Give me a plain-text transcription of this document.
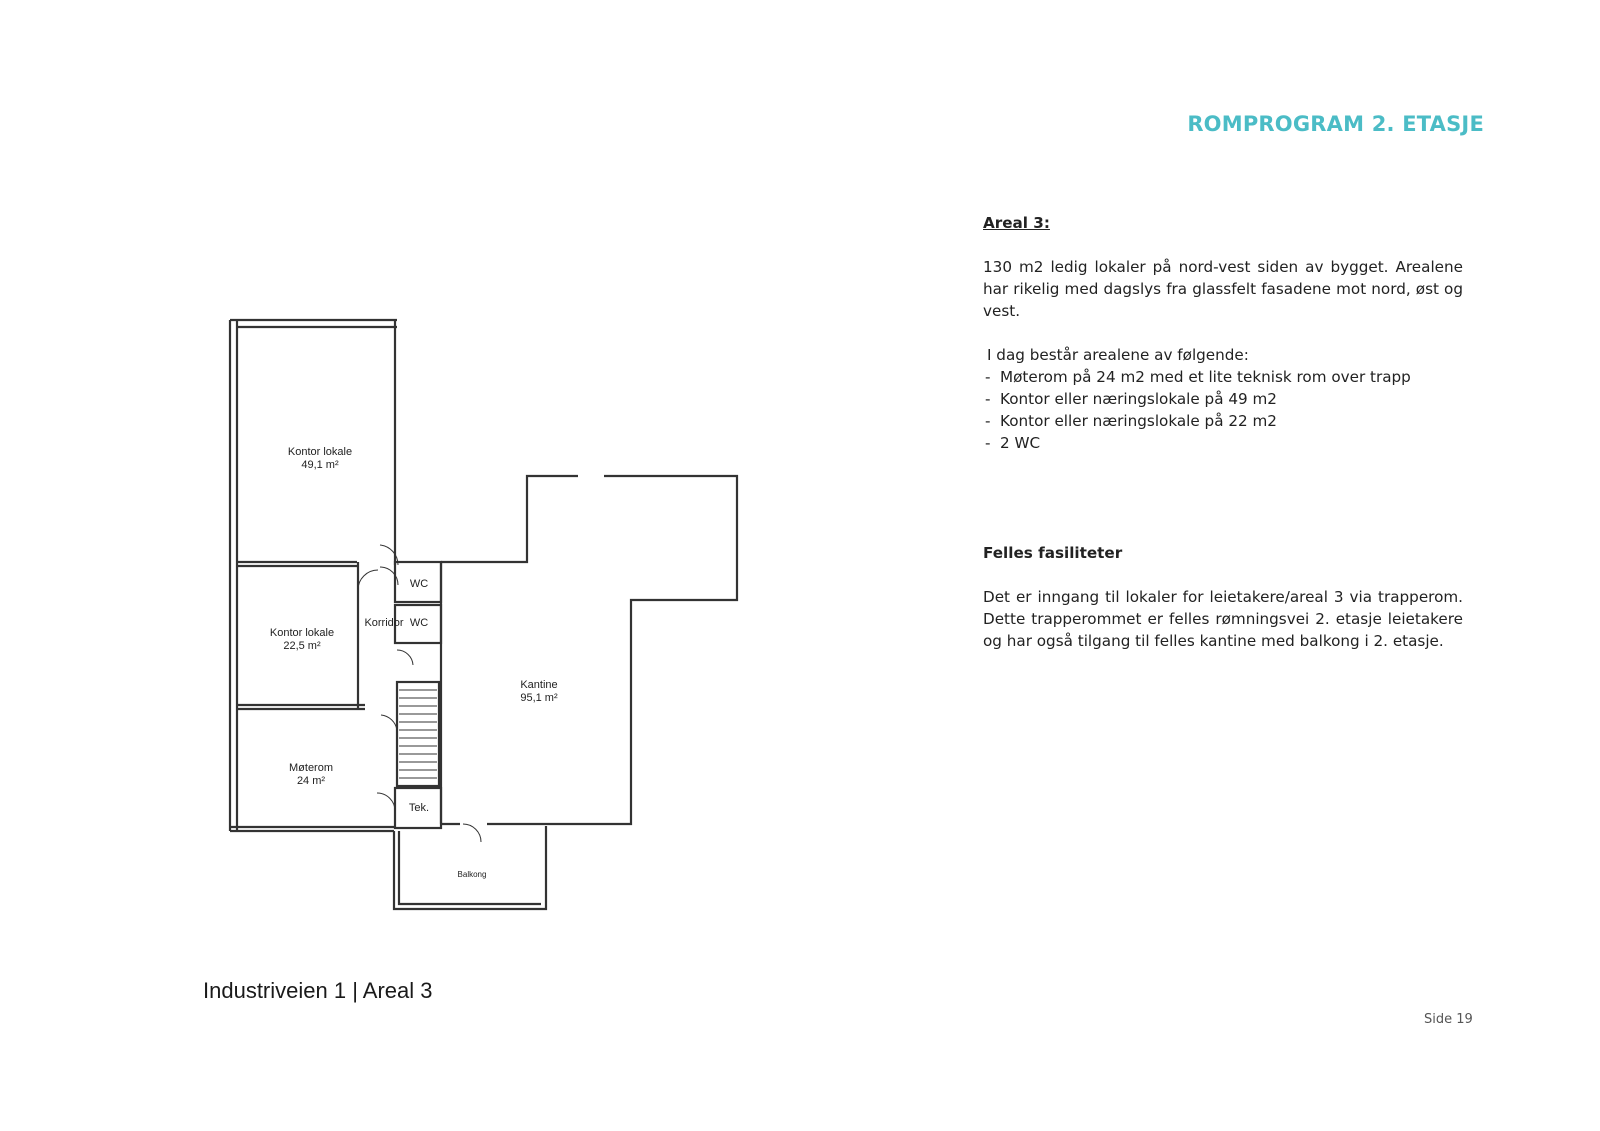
ROMPROGRAM 2. ETASJE
Kontor lokale
49,1 m²
Kontor lokale
22,5 m²
Møterom
24 m²
Kantine
95,1 m²
WC
WC
Korridor
Tek.
Balkong

Areal 3:

130 m2 ledig lokaler på nord-vest siden av bygget. Arealene har rikelig med dagslys fra glassfelt fasadene mot nord, øst og vest.

I dag består arealene av følgende:

- Møterom på 24 m2 med et lite teknisk rom over trapp
- Kontor eller næringslokale på 49 m2
- Kontor eller næringslokale på 22 m2
- 2 WC

Felles fasiliteter

Det er inngang til lokaler for leietakere/areal 3 via trapperom. Dette trapperommet er felles rømningsvei 2. etasje leietakere og har også tilgang til felles kantine med balkong i 2. etasje.

Industriveien 1 | Areal 3
Side 19
